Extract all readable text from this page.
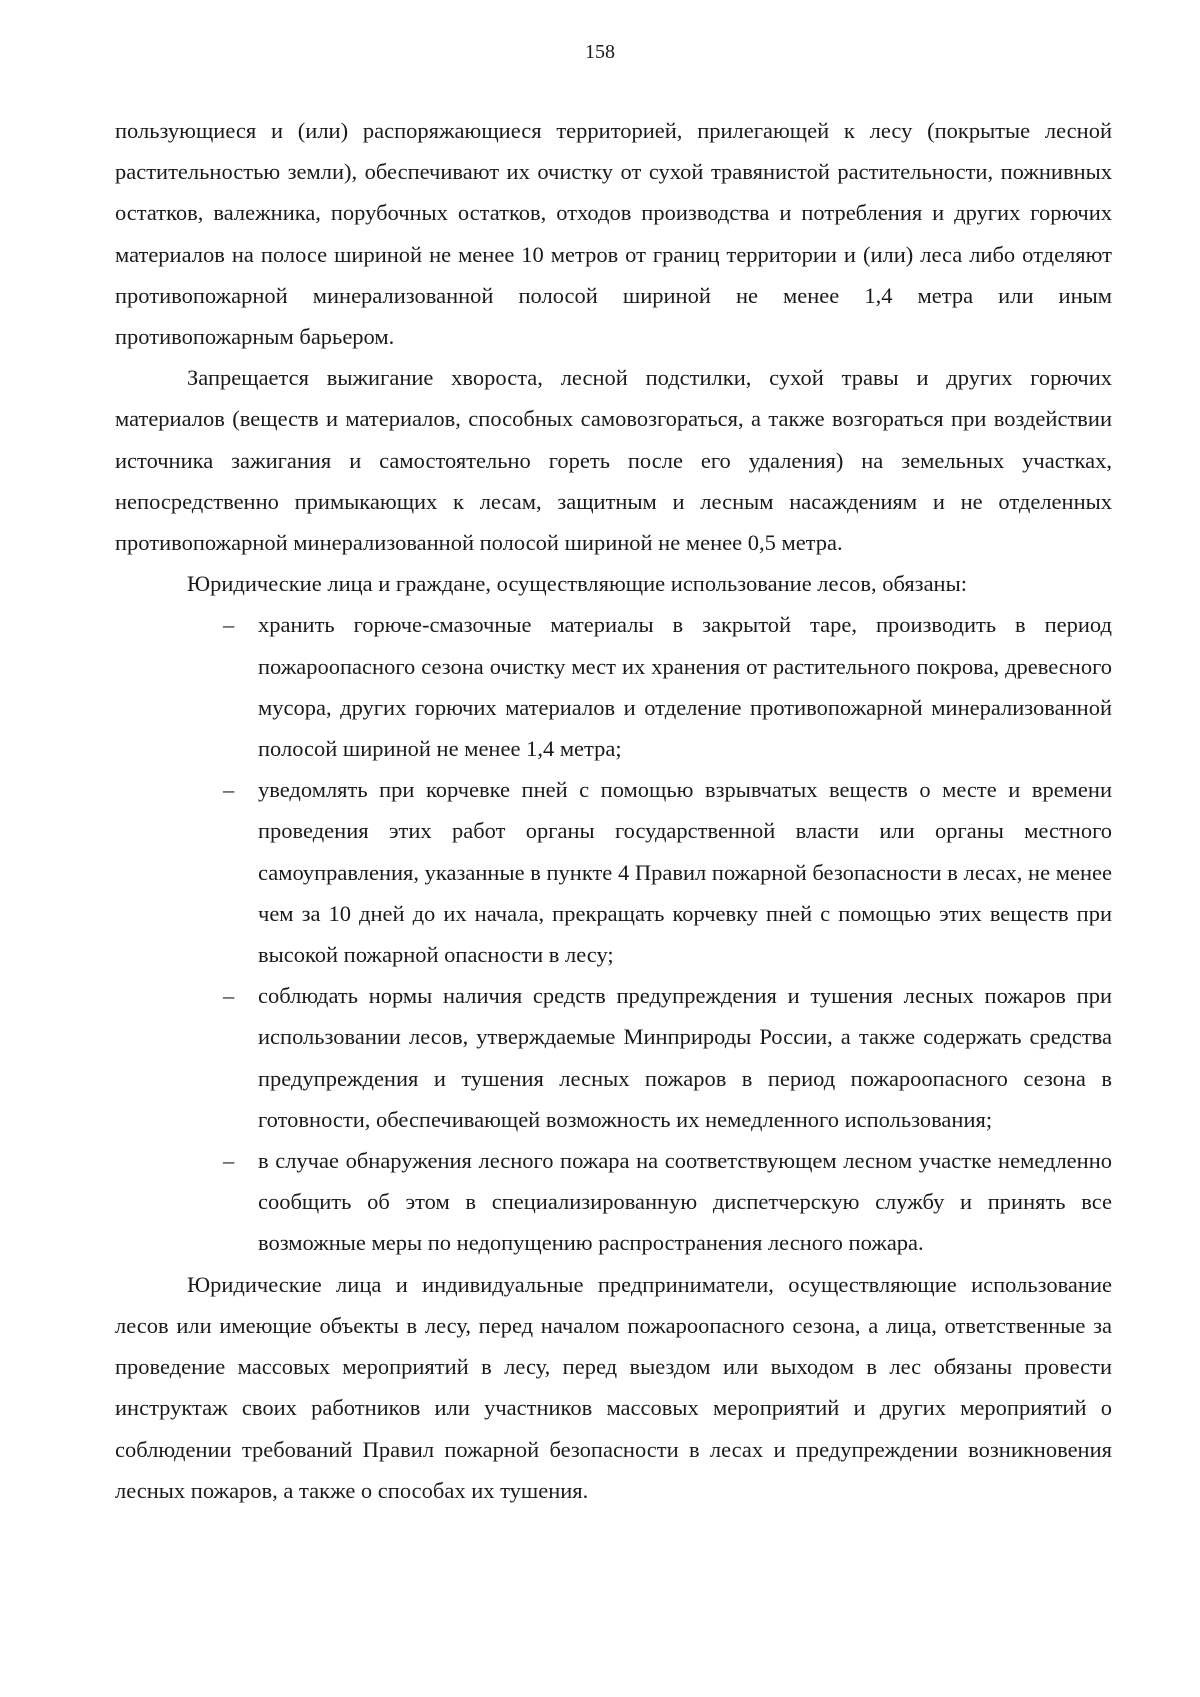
158

пользующиеся и (или) распоряжающиеся территорией, прилегающей к лесу (покрытые лесной растительностью земли), обеспечивают их очистку от сухой травянистой растительности, пожнивных остатков, валежника, порубочных остатков, отходов производства и потребления и других горючих материалов на полосе шириной не менее 10 метров от границ территории и (или) леса либо отделяют противопожарной минерализованной полосой шириной не менее 1,4 метра или иным противопожарным барьером.

Запрещается выжигание хвороста, лесной подстилки, сухой травы и других горючих материалов (веществ и материалов, способных самовозгораться, а также возгораться при воздействии источника зажигания и самостоятельно гореть после его удаления) на земельных участках, непосредственно примыкающих к лесам, защитным и лесным насаждениям и не отделенных противопожарной минерализованной полосой шириной не менее 0,5 метра.

Юридические лица и граждане, осуществляющие использование лесов, обязаны:

– хранить горюче-смазочные материалы в закрытой таре, производить в период пожароопасного сезона очистку мест их хранения от растительного покрова, древесного мусора, других горючих материалов и отделение противопожарной минерализованной полосой шириной не менее 1,4 метра;
– уведомлять при корчевке пней с помощью взрывчатых веществ о месте и времени проведения этих работ органы государственной власти или органы местного самоуправления, указанные в пункте 4 Правил пожарной безопасности в лесах, не менее чем за 10 дней до их начала, прекращать корчевку пней с помощью этих веществ при высокой пожарной опасности в лесу;
– соблюдать нормы наличия средств предупреждения и тушения лесных пожаров при использовании лесов, утверждаемые Минприроды России, а также содержать средства предупреждения и тушения лесных пожаров в период пожароопасного сезона в готовности, обеспечивающей возможность их немедленного использования;
– в случае обнаружения лесного пожара на соответствующем лесном участке немедленно сообщить об этом в специализированную диспетчерскую службу и принять все возможные меры по недопущению распространения лесного пожара.

Юридические лица и индивидуальные предприниматели, осуществляющие использование лесов или имеющие объекты в лесу, перед началом пожароопасного сезона, а лица, ответственные за проведение массовых мероприятий в лесу, перед выездом или выходом в лес обязаны провести инструктаж своих работников или участников массовых мероприятий и других мероприятий о соблюдении требований Правил пожарной безопасности в лесах и предупреждении возникновения лесных пожаров, а также о способах их тушения.
